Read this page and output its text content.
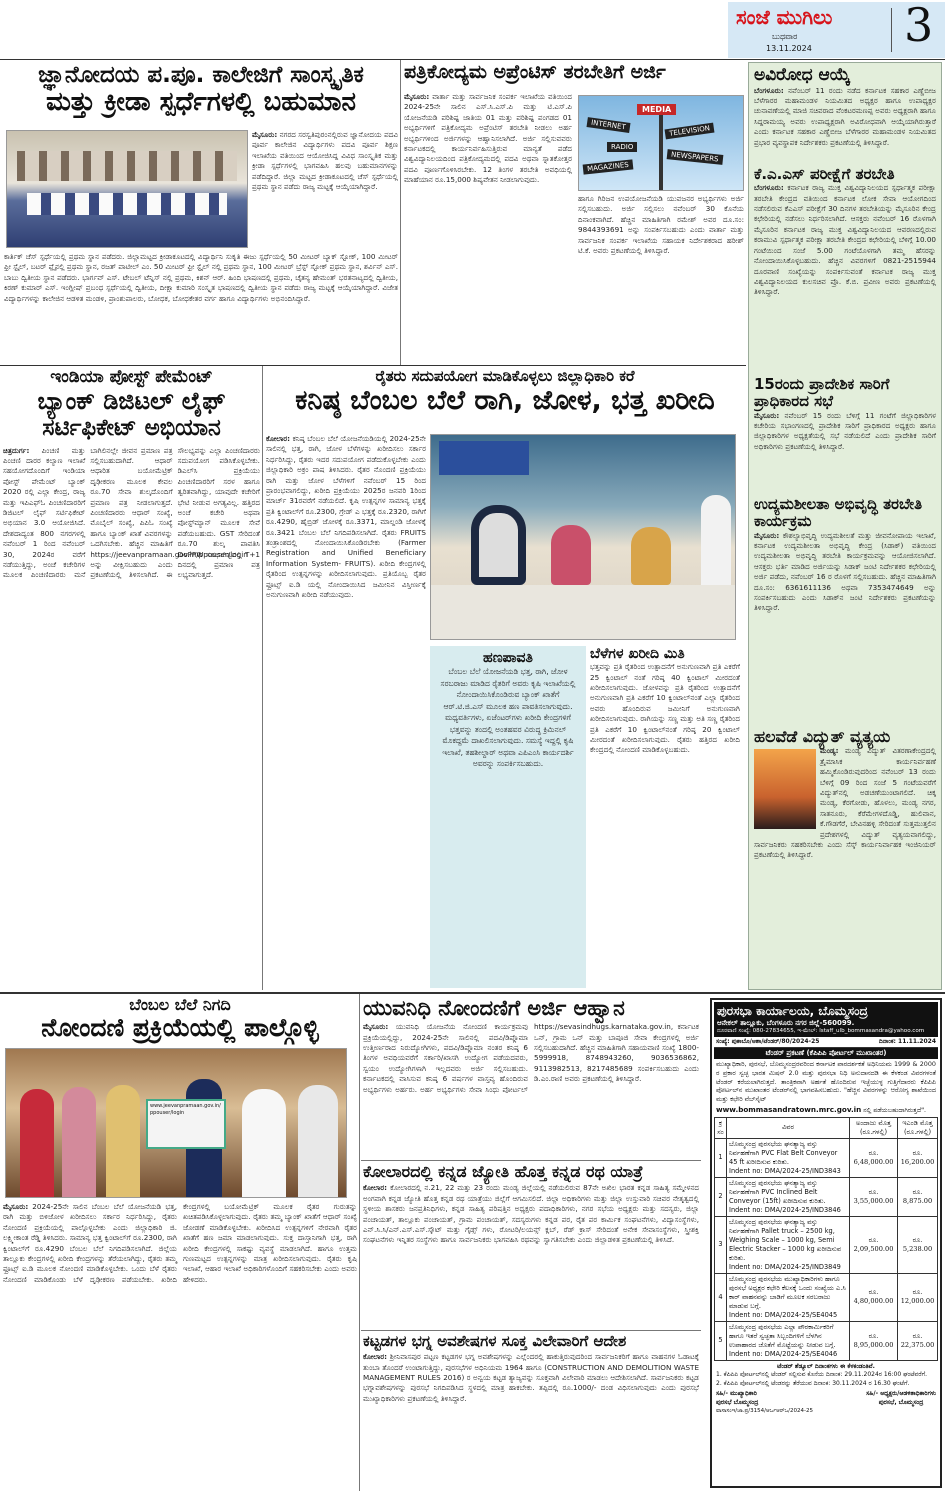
ಸಂಜೆ ಮುಗಿಲು
ಬುಧವಾರ
13.11.2024 3
ಜ್ಞಾನೋದಯ ಪ.ಪೂ. ಕಾಲೇಜಿಗೆ ಸಾಂಸ್ಕೃತಿಕ
ಮತ್ತು ಕ್ರೀಡಾ ಸ್ಪರ್ಧೆಗಳಲ್ಲಿ ಬಹುಮಾನ
ಮೈಸೂರು: ನಗರದ ಸರಸ್ವತಿಪುರಂನಲ್ಲಿರುವ ಜ್ಞಾನೋದಯ ಪದವಿ ಪೂರ್ವ ಕಾಲೇಜಿನ ವಿದ್ಯಾರ್ಥಿಗಳು ಪದವಿ ಪೂರ್ವ ಶಿಕ್ಷಣ ಇಲಾಖೆಯ ವತಿಯಿಂದ ಆಯೋಜಿಸಿದ್ದ ವಿವಿಧ ಸಾಂಸ್ಕೃತಿಕ ಮತ್ತು ಕ್ರೀಡಾ ಸ್ಪರ್ಧೆಗಳಲ್ಲಿ ಭಾಗವಹಿಸಿ ಹಲವು ಬಹುಮಾನಗಳನ್ನು ಪಡೆದಿದ್ದಾರೆ. ಜಿಲ್ಲಾ ಮಟ್ಟದ ಕ್ರೀಡಾಕೂಟದಲ್ಲಿ ಚೆಸ್ ಸ್ಪರ್ಧೆಯಲ್ಲಿ ಪ್ರಥಮ ಸ್ಥಾನ ಪಡೆದು ರಾಜ್ಯ ಮಟ್ಟಕ್ಕೆ ಆಯ್ಕೆಯಾಗಿದ್ದಾರೆ.
ಕಾರ್ತಿಕ್ ಚೆಸ್ ಸ್ಪರ್ಧೆಯಲ್ಲಿ ಪ್ರಥಮ ಸ್ಥಾನ ಪಡೆದರು. ಜಿಲ್ಲಾಮಟ್ಟದ ಕ್ರೀಡಾಕೂಟದಲ್ಲಿ ವಿದ್ಯಾರ್ಥಿನಿ ಸುಕೃತಿ ಈಜು ಸ್ಪರ್ಧೆಯಲ್ಲಿ 50 ಮೀಟರ್ ಬ್ಯಾಕ್ ಸ್ಟೋಕ್, 100 ಮೀಟರ್ ಫ್ರೀ ಸ್ಟೈಲ್, ಬಟರ್ ಫ್ಲೈನಲ್ಲಿ ಪ್ರಥಮ ಸ್ಥಾನ, ರಜತ್ ಪಾಟೀಲ್ ಎಂ. 50 ಮೀಟರ್ ಫ್ರೀ ಸ್ಟೈಲ್ ನಲ್ಲಿ ಪ್ರಥಮ ಸ್ಥಾನ, 100 ಮೀಟರ್ ಬ್ರೆಸ್ಟ್ ಸ್ಟೋಕ್ ಪ್ರಥಮ ಸ್ಥಾನ, ಶರ್ವಿನ್ ಎಸ್. ಬಾಬು ದ್ವಿತೀಯ ಸ್ಥಾನ ಪಡೆದರು. ಭಾರ್ಗವ್ ಎಸ್. ಟೇಬಲ್ ಟೆನ್ನಿಸ್ ನಲ್ಲಿ ಪ್ರಥಮ, ಕಿಶನ್ ಆರ್. ಹಿಂದಿ ಭಾಷಣದಲ್ಲಿ ಪ್ರಥಮ, ಚೈತನ್ಯ ಹೇಮಂತ್ ಭರತನಾಟ್ಯದಲ್ಲಿ ದ್ವಿತೀಯ, ಕಿರಣ್ ಕುಮಾರ್ ಎಸ್. ಇಂಗ್ಲೀಷ್ ಪ್ರಬಂಧ ಸ್ಪರ್ಧೆಯಲ್ಲಿ ದ್ವಿತೀಯ, ದೀಕ್ಷಾ ಕುಮಾರಿ ಸಂಸ್ಕೃತ ಭಾಷಣದಲ್ಲಿ ದ್ವಿತೀಯ ಸ್ಥಾನ ಪಡೆದು ರಾಜ್ಯ ಮಟ್ಟಕ್ಕೆ ಆಯ್ಕೆಯಾಗಿದ್ದಾರೆ. ವಿಜೇತ ವಿದ್ಯಾರ್ಥಿಗಳನ್ನು ಕಾಲೇಜಿನ ಆಡಳಿತ ಮಂಡಳಿ, ಪ್ರಾಂಶುಪಾಲರು, ಬೋಧಕ, ಬೋಧಕೇತರ ವರ್ಗ ಹಾಗೂ ವಿದ್ಯಾರ್ಥಿಗಳು ಅಭಿನಂದಿಸಿದ್ದಾರೆ.
ಪತ್ರಿಕೋದ್ಯಮ ಅಪ್ರೆಂಟಿಸ್ ತರಬೇತಿಗೆ ಅರ್ಜಿ
ಮೈಸೂರು: ವಾರ್ತಾ ಮತ್ತು ಸಾರ್ವಜನಿಕ ಸಂಪರ್ಕ ಇಲಾಖೆಯ ವತಿಯಿಂದ 2024-25ನೇ ಸಾಲಿನ ಎಸ್.ಸಿ.ಎಸ್.ಪಿ ಮತ್ತು ಟಿ.ಎಸ್.ಪಿ ಯೋಜನೆಯಡಿ ಪರಿಶಿಷ್ಟ ಜಾತಿಯ 01 ಮತ್ತು ಪರಿಶಿಷ್ಟ ಪಂಗಡದ 01 ಅಭ್ಯರ್ಥಿಗಳಿಗೆ ಪತ್ರಿಕೋದ್ಯಮ ಅಪ್ರೆಂಟಿಸ್ ತರಬೇತಿ ನೀಡಲು ಅರ್ಹ ಅಭ್ಯರ್ಥಿಗಳಿಂದ ಅರ್ಜಿಗಳನ್ನು ಆಹ್ವಾನಿಸಲಾಗಿದೆ. ಅರ್ಜಿ ಸಲ್ಲಿಸುವವರು ಕರ್ನಾಟಕದಲ್ಲಿ ಕಾರ್ಯನಿರ್ವಹಿಸುತ್ತಿರುವ ಮಾನ್ಯತೆ ಪಡೆದ ವಿಶ್ವವಿದ್ಯಾನಿಲಯದಿಂದ ಪತ್ರಿಕೋದ್ಯಮದಲ್ಲಿ ಪದವಿ ಅಥವಾ ಸ್ನಾತಕೋತ್ತರ ಪದವಿ ಪೂರ್ಣಗೊಳಿಸಿರಬೇಕು. 12 ತಿಂಗಳ ತರಬೇತಿ ಅವಧಿಯಲ್ಲಿ ಮಾಹೆಯಾನ ರೂ.15,000 ಶಿಷ್ಯವೇತನ ನೀಡಲಾಗುವುದು.
MEDIA
INTERNET	TELEVISION
RADIO
NEWSPAPERS
MAGAZINES
ಹಾಗೂ ಗಿರಿಜನ ಉಪಯೋಜನೆಯಡಿ ಯುವಜನರ ಅಭ್ಯರ್ಥಿಗಳು ಅರ್ಜಿ ಸಲ್ಲಿಸಬಹುದು. ಅರ್ಜಿ ಸಲ್ಲಿಸಲು ನವೆಂಬರ್ 30 ಕೊನೆಯ ದಿನಾಂಕವಾಗಿದೆ. ಹೆಚ್ಚಿನ ಮಾಹಿತಿಗಾಗಿ ರಮೇಶ್ ಅವರ ದೂ.ಸಂ: 9844393691 ಅನ್ನು ಸಂಪರ್ಕಿಸಬಹುದು ಎಂದು ವಾರ್ತಾ ಮತ್ತು ಸಾರ್ವಜನಿಕ ಸಂಪರ್ಕ ಇಲಾಖೆಯ ಸಹಾಯಕ ನಿರ್ದೇಶಕರಾದ ಹರೀಶ್ ಟಿ.ಕೆ. ಅವರು ಪ್ರಕಟಣೆಯಲ್ಲಿ ತಿಳಿಸಿದ್ದಾರೆ.
ಅವಿರೋಧ ಆಯ್ಕೆ
ಬೆಂಗಳೂರು: ನವೆಂಬರ್ 11 ರಂದು ನಡೆದ ಕರ್ನಾಟಕ ಸಹಕಾರ ಎಣ್ಣೆಬೀಜ ಬೆಳೆಗಾರರ ಮಹಾಮಂಡಳ ನಿಯಮಿತದ ಅಧ್ಯಕ್ಷರ ಹಾಗೂ ಉಪಾಧ್ಯಕ್ಷರ ಚುನಾವಣೆಯಲ್ಲಿ ಮಾಜಿ ಸಚಿವರಾದ ವೆಂಕಟರಮಣಪ್ಪ ಅವರು ಅಧ್ಯಕ್ಷರಾಗಿ ಹಾಗೂ ಸಿದ್ದರಾಮಯ್ಯ ಅವರು ಉಪಾಧ್ಯಕ್ಷರಾಗಿ ಅವಿರೋಧವಾಗಿ ಆಯ್ಕೆಯಾಗಿರುತ್ತಾರೆ ಎಂದು ಕರ್ನಾಟಕ ಸಹಕಾರ ಎಣ್ಣೆಬೀಜ ಬೆಳೆಗಾರರ ಮಹಾಮಂಡಳ ನಿಯಮಿತದ ಪ್ರಭಾರ ವ್ಯವಸ್ಥಾಪಕ ನಿರ್ದೇಶಕರು ಪ್ರಕಟಣೆಯಲ್ಲಿ ತಿಳಿಸಿದ್ದಾರೆ.
ಕೆ.ಎ.ಎಸ್ ಪರೀಕ್ಷೆಗೆ ತರಬೇತಿ
ಬೆಂಗಳೂರು: ಕರ್ನಾಟಕ ರಾಜ್ಯ ಮುಕ್ತ ವಿಶ್ವವಿದ್ಯಾನಿಲಯದ ಸ್ಪರ್ಧಾತ್ಮಕ ಪರೀಕ್ಷಾ ತರಬೇತಿ ಕೇಂದ್ರದ ವತಿಯಿಂದ ಕರ್ನಾಟಕ ಲೋಕ ಸೇವಾ ಆಯೋಗದಿಂದ ನಡೆಸಲಿರುವ ಕೆಎಎಸ್ ಪರೀಕ್ಷೆಗೆ 30 ದಿನಗಳ ತರಬೇತಿಯನ್ನು ಮೈಸೂರಿನ ಕೇಂದ್ರ ಕಛೇರಿಯಲ್ಲಿ ನಡೆಸಲು ನಿರ್ಧರಿಸಲಾಗಿದೆ. ಆಸಕ್ತರು ನವೆಂಬರ್ 16 ರೊಳಗಾಗಿ ಮೈಸೂರಿನ ಕರ್ನಾಟಕ ರಾಜ್ಯ ಮುಕ್ತ ವಿಶ್ವವಿದ್ಯಾನಿಲಯದ ಆವರಣದಲ್ಲಿರುವ ಕರಾಮುವಿ ಸ್ಪರ್ಧಾತ್ಮಕ ಪರೀಕ್ಷಾ ತರಬೇತಿ ಕೇಂದ್ರದ ಕಛೇರಿಯಲ್ಲಿ ಬೆಳಿಗ್ಗೆ 10.00 ಗಂಟೆಯಿಂದ ಸಂಜೆ 5.00 ಗಂಟೆಯೊಳಗಾಗಿ ತಮ್ಮ ಹೆಸರನ್ನು ನೋಂದಾಯಿಸಿಕೊಳ್ಳಬಹುದು. ಹೆಚ್ಚಿನ ವಿವರಗಳಿಗೆ 0821-2515944 ದೂರವಾಣಿ ಸಂಖ್ಯೆಯನ್ನು ಸಂಪರ್ಕಿಸುವಂತೆ ಕರ್ನಾಟಕ ರಾಜ್ಯ ಮುಕ್ತ ವಿಶ್ವವಿದ್ಯಾನಿಲಯದ ಕುಲಸಚಿವ ಪ್ರೊ. ಕೆ.ಬಿ. ಪ್ರವೀಣ ಅವರು ಪ್ರಕಟಣೆಯಲ್ಲಿ ತಿಳಿಸಿದ್ದಾರೆ.
15ರಂದು ಪ್ರಾದೇಶಿಕ ಸಾರಿಗೆ ಪ್ರಾಧಿಕಾರದ ಸಭೆ
ಮೈಸೂರು: ನವೆಂಬರ್ 15 ರಂದು ಬೆಳಿಗ್ಗೆ 11 ಗಂಟೆಗೆ ಜಿಲ್ಲಾಧಿಕಾರಿಗಳ ಕಚೇರಿಯ ಸಭಾಂಗಣದಲ್ಲಿ ಪ್ರಾದೇಶಿಕ ಸಾರಿಗೆ ಪ್ರಾಧಿಕಾರದ ಅಧ್ಯಕ್ಷರು ಹಾಗೂ ಜಿಲ್ಲಾಧಿಕಾರಿಗಳ ಅಧ್ಯಕ್ಷತೆಯಲ್ಲಿ ಸಭೆ ನಡೆಯಲಿದೆ ಎಂದು ಪ್ರಾದೇಶಿಕ ಸಾರಿಗೆ ಅಧಿಕಾರಿಗಳು ಪ್ರಕಟಣೆಯಲ್ಲಿ ತಿಳಿಸಿದ್ದಾರೆ.
ಉದ್ಯಮಶೀಲತಾ ಅಭಿವೃದ್ಧಿ ತರಬೇತಿ ಕಾರ್ಯಕ್ರಮ
ಮೈಸೂರು: ಕೌಶಲ್ಯಾಭಿವೃದ್ಧಿ ಉದ್ಯಮಶೀಲತೆ ಮತ್ತು ಜೀವನೋಪಾಯ ಇಲಾಖೆ, ಕರ್ನಾಟಕ ಉದ್ಯಮಶೀಲತಾ ಅಭಿವೃದ್ಧಿ ಕೇಂದ್ರ (ಸಿಡಾಕ್) ವತಿಯಿಂದ ಉದ್ಯಮಶೀಲತಾ ಅಭಿವೃದ್ಧಿ ತರಬೇತಿ ಕಾರ್ಯಕ್ರಮವನ್ನು ಆಯೋಜಿಸಲಾಗಿದೆ. ಆಸಕ್ತರು ಭರ್ತಿ ಮಾಡಿದ ಅರ್ಜಿಯನ್ನು ಸಿಡಾಕ್ ಜಂಟಿ ನಿರ್ದೇಶಕರ ಕಛೇರಿಯಲ್ಲಿ ಅರ್ಜಿ ಪಡೆದು, ನವೆಂಬರ್ 16 ರ ರೊಳಗೆ ಸಲ್ಲಿಸಬಹುದು. ಹೆಚ್ಚಿನ ಮಾಹಿತಿಗಾಗಿ ದೂ.ಸಂ: 6361611136 ಅಥವಾ 7353474649 ಅನ್ನು ಸಂಪರ್ಕಿಸಬಹುದು ಎಂದು ಸಿಡಾಕ್‌ನ ಜಂಟಿ ನಿರ್ದೇಶಕರು ಪ್ರಕಟಣೆಯನ್ನು ತಿಳಿಸಿದ್ದಾರೆ.
ಹಲವೆಡೆ ವಿದ್ಯುತ್ ವ್ಯತ್ಯಯ
ಮಂಡ್ಯ: ಮಂಡ್ಯ ವಿದ್ಯುತ್ ವಿತರಣಾಕೇಂದ್ರದಲ್ಲಿ ತ್ರೈಮಾಸಿಕ ಕಾರ್ಯನಿರ್ವಹಣೆ ಹಮ್ಮಿಕೊಂಡಿರುವುದರಿಂದ ನವೆಂಬರ್ 13 ರಂದು ಬೆಳಿಗ್ಗೆ 09 ರಿಂದ ಸಂಜೆ 5 ಗಂಟೆಯವರೆಗೆ ವಿದ್ಯುತ್‌ನಲ್ಲಿ ಅಡಚಣೆಯುಂಟಾಗಲಿದೆ. ಚಿಕ್ಕ ಮಂಡ್ಯ, ಕೆರಗೋಡು, ಹೊಳಲು, ಮಂಡ್ಯ ನಗರ, ಸಾತನೂರು, ಕೆರೆಮೇಗಳದೊಡ್ಡಿ, ಹುಲಿವಾನ, ಕೆ.ಗೌಡಗೆರೆ, ಬೇವಿನಹಳ್ಳಿ ಸೇರಿದಂತೆ ಸುತ್ತಮುತ್ತಲಿನ ಪ್ರದೇಶಗಳಲ್ಲಿ ವಿದ್ಯುತ್ ವ್ಯತ್ಯಯವಾಗಲಿದ್ದು, ಸಾರ್ವಜನಿಕರು ಸಹಕರಿಸಬೇಕು ಎಂದು ಸೆಸ್ಕ್ ಕಾರ್ಯನಿರ್ವಾಹಕ ಇಂಜಿನಿಯರ್ ಪ್ರಕಟಣೆಯಲ್ಲಿ ತಿಳಿಸಿದ್ದಾರೆ.
ಇಂಡಿಯಾ ಪೋಸ್ಟ್ ಪೇಮೆಂಟ್
ಬ್ಯಾಂಕ್ ಡಿಜಿಟಲ್ ಲೈಫ್
ಸರ್ಟಿಫಿಕೇಟ್ ಅಭಿಯಾನ
ಚಿತ್ರದುರ್ಗ: ಪಿಂಚಣಿ ಮತ್ತು ಪಿಂಚಣಿ ದಾರರ ಕಲ್ಯಾಣ ಇಲಾಖೆ ಸಹಯೋಗದೊಂದಿಗೆ ಇಂಡಿಯಾ ಪೋಸ್ಟ್ ಪೇಮೆಂಟ್ ಬ್ಯಾಂಕ್ 2020 ರಲ್ಲಿ ಎಲ್ಲಾ ಕೇಂದ್ರ, ರಾಜ್ಯ ಮತ್ತು ಇಪಿಎಫ್ಓ ಪಿಂಚಣಿದಾರರಿಗೆ ಡಿಜಿಟಲ್ ಲೈಫ್ ಸರ್ಟಿಫಿಕೇಟ್ ಅಭಿಯಾನ 3.0 ಆಯೋಜಿಸಿದೆ. ದೇಶದಾದ್ಯಂತ 800 ನಗರಗಳಲ್ಲಿ ನವೆಂಬರ್ 1 ರಿಂದ ನವೆಂಬರ್ 30, 2024ರ ವರೆಗೆ ನಡೆಯುತ್ತಿದ್ದು, ಅಂಚೆ ಕಚೇರಿಗಳ ಮೂಲಕ ಪಿಂಚಣಿದಾರರು ಮನೆ ಬಾಗಿಲಿನಲ್ಲೇ ಜೀವನ ಪ್ರಮಾಣ ಪತ್ರ ಸಲ್ಲಿಸಬಹುದಾಗಿದೆ. ಆಧಾರ್ ಆಧಾರಿತ ಬಯೋಮೆಟ್ರಿಕ್ ದೃಢೀಕರಣ ಮೂಲಕ ಕೇವಲ ರೂ.70 ಸೇವಾ ಶುಲ್ಕದೊಂದಿಗೆ ಪ್ರಮಾಣ ಪತ್ರ ನೀಡಲಾಗುತ್ತದೆ. ಪಿಂಚಣಿದಾರರು ಆಧಾರ್ ಸಂಖ್ಯೆ, ಮೊಬೈಲ್ ಸಂಖ್ಯೆ, ಪಿಪಿಓ ಸಂಖ್ಯೆ ಹಾಗೂ ಬ್ಯಾಂಕ್ ಖಾತೆ ವಿವರಗಳನ್ನು ಒದಗಿಸಬೇಕು. ಹೆಚ್ಚಿನ ಮಾಹಿತಿಗೆ https://jeevanpramaan.gov.in/ppouser/login ಅನ್ನು ವೀಕ್ಷಿಸಬಹುದು ಎಂದು ಪ್ರಕಟಣೆಯಲ್ಲಿ ತಿಳಿಸಲಾಗಿದೆ. ಈ ಸೌಲಭ್ಯವನ್ನು ಎಲ್ಲಾ ಪಿಂಚಣಿದಾರರು ಸದುಪಯೋಗ ಪಡಿಸಿಕೊಳ್ಳಬೇಕು. ಡಿಎಲ್‌ಸಿ ಪ್ರಕ್ರಿಯೆಯು ಪಿಂಚಣಿದಾರರಿಗೆ ಸರಳ ಹಾಗೂ ತ್ವರಿತವಾಗಿದ್ದು, ಯಾವುದೇ ಕಚೇರಿಗೆ ಭೇಟಿ ನೀಡುವ ಅಗತ್ಯವಿಲ್ಲ. ಹತ್ತಿರದ ಅಂಚೆ ಕಚೇರಿ ಅಥವಾ ಪೋಸ್ಟ್‌ಮ್ಯಾನ್ ಮೂಲಕ ಸೇವೆ ಪಡೆಯಬಹುದು. GST ಸೇರಿದಂತೆ ರೂ.70 ಶುಲ್ಕ ಪಾವತಿಸಿ DoPPW ಸಹಭಾಗಿತ್ವದಲ್ಲಿ T+1 ದಿನದಲ್ಲಿ ಪ್ರಮಾಣ ಪತ್ರ ಲಭ್ಯವಾಗುತ್ತದೆ.
ರೈತರು ಸದುಪಯೋಗ ಮಾಡಿಕೊಳ್ಳಲು ಜಿಲ್ಲಾಧಿಕಾರಿ ಕರೆ
ಕನಿಷ್ಠ ಬೆಂಬಲ ಬೆಲೆ ರಾಗಿ, ಜೋಳ, ಭತ್ತ ಖರೀದಿ
ಕೋಲಾರ: ಕನಿಷ್ಠ ಬೆಂಬಲ ಬೆಲೆ ಯೋಜನೆಯಡಿಯಲ್ಲಿ 2024-25ನೇ ಸಾಲಿನಲ್ಲಿ ಭತ್ತ, ರಾಗಿ, ಜೋಳ ಬೆಳೆಗಳನ್ನು ಖರೀದಿಸಲು ಸರ್ಕಾರ ನಿರ್ಧರಿಸಿದ್ದು, ರೈತರು ಇದರ ಸದುಪಯೋಗ ಪಡೆದುಕೊಳ್ಳಬೇಕು ಎಂದು ಜಿಲ್ಲಾಧಿಕಾರಿ ಅಕ್ರಂ ಪಾಷ ತಿಳಿಸಿದರು. ರೈತರ ನೊಂದಣಿ ಪ್ರಕ್ರಿಯೆಯು ರಾಗಿ ಮತ್ತು ಜೋಳ ಬೆಳೆಗಳಿಗೆ ನವೆಂಬರ್ 15 ರಿಂದ ಪ್ರಾರಂಭವಾಗಲಿದ್ದು, ಖರೀದಿ ಪ್ರಕ್ರಿಯೆಯು 2025ರ ಜನವರಿ 1ರಿಂದ ಮಾರ್ಚ್ 31ರವರೆಗೆ ನಡೆಯಲಿದೆ. ಕೃಷಿ ಉತ್ಪನ್ನಗಳ ಸಾಮಾನ್ಯ ಭತ್ತಕ್ಕೆ ಪ್ರತಿ ಕ್ವಿಂಟಾಲ್‌ಗೆ ರೂ.2300, ಗ್ರೇಡ್ ಎ ಭತ್ತಕ್ಕೆ ರೂ.2320, ರಾಗಿಗೆ ರೂ.4290, ಹೈಬ್ರಿಡ್ ಜೋಳಕ್ಕೆ ರೂ.3371, ಮಾಲ್ದಂಡಿ ಜೋಳಕ್ಕೆ ರೂ.3421 ಬೆಂಬಲ ಬೆಲೆ ನಿಗದಿಪಡಿಸಲಾಗಿದೆ. ರೈತರು FRUITS ತಂತ್ರಾಂಶದಲ್ಲಿ ನೋಂದಾಯಿಸಿಕೊಂಡಿರಬೇಕು (Farmer Registration and Unified Beneficiary Information System- FRUITS). ಖರೀದಿ ಕೇಂದ್ರಗಳಲ್ಲಿ ರೈತರಿಂದ ಉತ್ಪನ್ನಗಳನ್ನು ಖರೀದಿಸಲಾಗುವುದು. ಪ್ರತಿಯೊಬ್ಬ ರೈತರ ಫ್ರೂಟ್ಸ್ ಐ.ಡಿ ಯಲ್ಲಿ ನೋಂದಾಯಿಸಿದ ಜಮೀನಿನ ವಿಸ್ತೀರ್ಣಕ್ಕೆ ಅನುಗುಣವಾಗಿ ಖರೀದಿ ನಡೆಯುವುದು.
ಹಣಪಾವತಿ
ಬೆಂಬಲ ಬೆಲೆ ಯೋಜನೆಯಡಿ ಭತ್ತ, ರಾಗಿ, ಜೋಳ ಸರಬರಾಜು ಮಾಡಿದ ರೈತರಿಗೆ ಅವರು ಕೃಷಿ ಇಲಾಖೆಯಲ್ಲಿ ನೋಂದಾಯಿಸಿಕೊಂಡಿರುವ ಬ್ಯಾಂಕ್ ಖಾತೆಗೆ ಆರ್.ಟಿ.ಜಿ.ಎಸ್ ಮೂಲಕ ಹಣ ಪಾವತಿಸಲಾಗುವುದು. ಮಧ್ಯವರ್ತಿಗಳು, ಏಜೆಂಟರ್‌ಗಳು ಖರೀದಿ ಕೇಂದ್ರಗಳಿಗೆ ಭತ್ತವನ್ನು ತಂದಲ್ಲಿ ಅಂತಹವರ ವಿರುದ್ಧ ಕ್ರಿಮಿನಲ್ ಮೊಕದ್ದಮೆ ದಾಖಲಿಸಲಾಗುವುದು. ಸಮಸ್ಯೆ ಇದ್ದಲ್ಲಿ ಕೃಷಿ ಇಲಾಖೆ, ತಹಶೀಲ್ದಾರ್ ಅಥವಾ ಎಪಿಎಂಸಿ ಕಾರ್ಯದರ್ಶಿ ಅವರನ್ನು ಸಂಪರ್ಕಿಸಬಹುದು.
ಬೆಳೆಗಳ ಖರೀದಿ ಮಿತಿ
ಭತ್ತವನ್ನು ಪ್ರತಿ ರೈತರಿಂದ ಉತ್ಪಾದನೆಗೆ ಅನುಗುಣವಾಗಿ ಪ್ರತಿ ಎಕರೆಗೆ 25 ಕ್ವಿಂಟಾಲ್ ನಂತೆ ಗರಿಷ್ಠ 40 ಕ್ವಿಂಟಾಲ್ ಮೀರದಂತೆ ಖರೀದಿಸಲಾಗುವುದು. ಜೋಳವನ್ನು ಪ್ರತಿ ರೈತರಿಂದ ಉತ್ಪಾದನೆಗೆ ಅನುಗುಣವಾಗಿ ಪ್ರತಿ ಎಕರೆಗೆ 10 ಕ್ವಿಂಟಾಲ್‌ನಂತೆ ಎಲ್ಲಾ ರೈತರಿಂದ ಅವರು ಹೊಂದಿರುವ ಜಮೀನಿಗೆ ಅನುಗುಣವಾಗಿ ಖರೀದಿಸಲಾಗುವುದು. ರಾಗಿಯನ್ನು ಸಣ್ಣ ಮತ್ತು ಅತಿ ಸಣ್ಣ ರೈತರಿಂದ ಪ್ರತಿ ಎಕರೆಗೆ 10 ಕ್ವಿಂಟಾಲ್‌ನಂತೆ ಗರಿಷ್ಠ 20 ಕ್ವಿಂಟಾಲ್ ಮೀರದಂತೆ ಖರೀದಿಸಲಾಗುವುದು. ರೈತರು ಹತ್ತಿರದ ಖರೀದಿ ಕೇಂದ್ರದಲ್ಲಿ ನೋಂದಣಿ ಮಾಡಿಕೊಳ್ಳಬಹುದು.
ಬೆಂಬಲ ಬೆಲೆ ನಿಗದಿ
ನೋಂದಣಿ ಪ್ರಕ್ರಿಯೆಯಲ್ಲಿ ಪಾಲ್ಗೊಳ್ಳಿ
www.jeevanpramaan.gov.in/ppouser/login
ಮೈಸೂರು: 2024-25ನೇ ಸಾಲಿನ ಬೆಂಬಲ ಬೆಲೆ ಯೋಜನೆಯಡಿ ಭತ್ತ, ರಾಗಿ ಮತ್ತು ಬಿಳಿಜೋಳ ಖರೀದಿಸಲು ಸರ್ಕಾರ ನಿರ್ಧರಿಸಿದ್ದು, ರೈತರು ನೋಂದಣಿ ಪ್ರಕ್ರಿಯೆಯಲ್ಲಿ ಪಾಲ್ಗೊಳ್ಳಬೇಕು ಎಂದು ಜಿಲ್ಲಾಧಿಕಾರಿ ಜಿ. ಲಕ್ಷ್ಮೀಕಾಂತ ರೆಡ್ಡಿ ತಿಳಿಸಿದರು. ಸಾಮಾನ್ಯ ಭತ್ತ ಕ್ವಿಂಟಾಲ್‌ಗೆ ರೂ.2300, ರಾಗಿ ಕ್ವಿಂಟಾಲ್‌ಗೆ ರೂ.4290 ಬೆಂಬಲ ಬೆಲೆ ನಿಗದಿಪಡಿಸಲಾಗಿದೆ. ಜಿಲ್ಲೆಯ ತಾಲ್ಲೂಕು ಕೇಂದ್ರಗಳಲ್ಲಿ ಖರೀದಿ ಕೇಂದ್ರಗಳನ್ನು ತೆರೆಯಲಾಗಿದ್ದು, ರೈತರು ತಮ್ಮ ಫ್ರೂಟ್ಸ್ ಐ.ಡಿ ಮೂಲಕ ನೋಂದಣಿ ಮಾಡಿಕೊಳ್ಳಬೇಕು. ಒಂದು ಬೆಳೆ ರೈತರು ನೋಂದಣಿ ಮಾಡಿಕೊಂಡು ಬೆಳೆ ದೃಢೀಕರಣ ಪಡೆಯಬೇಕು. ಖರೀದಿ ಕೇಂದ್ರಗಳಲ್ಲಿ ಬಯೋಮೆಟ್ರಿಕ್ ಮೂಲಕ ರೈತರ ಗುರುತನ್ನು ಖಚಿತಪಡಿಸಿಕೊಳ್ಳಲಾಗುವುದು. ರೈತರು ತಮ್ಮ ಬ್ಯಾಂಕ್ ಖಾತೆಗೆ ಆಧಾರ್ ಸಂಖ್ಯೆ ಜೋಡಣೆ ಮಾಡಿಕೊಳ್ಳಬೇಕು. ಖರೀದಿಸಿದ ಉತ್ಪನ್ನಗಳಿಗೆ ನೇರವಾಗಿ ರೈತರ ಖಾತೆಗೆ ಹಣ ಜಮಾ ಮಾಡಲಾಗುವುದು. ಸುಕ್ತ ದಾಸ್ತಾನಿಗಾಗಿ ಭತ್ತ, ರಾಗಿ ಖರೀದಿ ಕೇಂದ್ರಗಳಲ್ಲಿ ಸಾಕಷ್ಟು ವ್ಯವಸ್ಥೆ ಮಾಡಲಾಗಿದೆ. ಹಾಗೂ ಉತ್ತಮ ಗುಣಮಟ್ಟದ ಉತ್ಪನ್ನಗಳನ್ನು ಮಾತ್ರ ಖರೀದಿಸಲಾಗುವುದು. ರೈತರು ಕೃಷಿ ಇಲಾಖೆ, ಆಹಾರ ಇಲಾಖೆ ಅಧಿಕಾರಿಗಳೊಂದಿಗೆ ಸಹಕರಿಸಬೇಕು ಎಂದು ಅವರು ಹೇಳಿದರು.
ಯುವನಿಧಿ ನೋಂದಣಿಗೆ ಅರ್ಜಿ ಆಹ್ವಾನ
ಮೈಸೂರು: ಯುವನಿಧಿ ಯೋಜನೆಯ ನೋಂದಣಿ ಕಾರ್ಯಕ್ರಮವು ಪ್ರಕ್ರಿಯೆಯಲ್ಲಿದ್ದು, 2024-25ನೇ ಸಾಲಿನಲ್ಲಿ ಪದವಿ/ಡಿಪ್ಲೊಮಾ ಉತ್ತೀರ್ಣರಾದ ನಿರುದ್ಯೋಗಿಗಳು, ಪದವಿ/ಡಿಪ್ಲೊಮಾ ನಂತರ ಕನಿಷ್ಠ 6 ತಿಂಗಳ ಅವಧಿಯವರೆಗೆ ಸರ್ಕಾರಿ/ಖಾಸಗಿ ಉದ್ಯೋಗ ಪಡೆಯದವರು, ಸ್ವಯಂ ಉದ್ಯೋಗಿಗಳಾಗಿ ಇಲ್ಲದವರು ಅರ್ಜಿ ಸಲ್ಲಿಸಬಹುದು. ಕರ್ನಾಟಕದಲ್ಲಿ ವಾಸಿಸುವ ಕನಿಷ್ಠ 6 ವರ್ಷಗಳ ವಾಸ್ತವ್ಯ ಹೊಂದಿರುವ ಅಭ್ಯರ್ಥಿಗಳು ಅರ್ಹರು. ಅರ್ಹ ಅಭ್ಯರ್ಥಿಗಳು ಸೇವಾ ಸಿಂಧು ಪೋರ್ಟಲ್ https://sevasindhugs.karnataka.gov.in, ಕರ್ನಾಟಕ ಒನ್, ಗ್ರಾಮ ಒನ್ ಮತ್ತು ಬಾಪೂಜಿ ಸೇವಾ ಕೇಂದ್ರಗಳಲ್ಲಿ ಅರ್ಜಿ ಸಲ್ಲಿಸಬಹುದಾಗಿದೆ. ಹೆಚ್ಚಿನ ಮಾಹಿತಿಗಾಗಿ ಸಹಾಯವಾಣಿ ಸಂಖ್ಯೆ 1800-5999918, 8748943260, 9036536862, 9113982513, 8217485689 ಸಂಪರ್ಕಿಸಬಹುದು ಎಂದು ಡಿ.ಎಂ.ರಾಣಿ ಅವರು ಪ್ರಕಟಣೆಯಲ್ಲಿ ತಿಳಿಸಿದ್ದಾರೆ.
ಕೋಲಾರದಲ್ಲಿ ಕನ್ನಡ ಜ್ಯೋತಿ ಹೊತ್ತ ಕನ್ನಡ ರಥ ಯಾತ್ರೆ
ಕೋಲಾರ: ಕೋಲಾರದಲ್ಲಿ ನ.21, 22 ಮತ್ತು 23 ರಂದು ಮಂಡ್ಯ ಜಿಲ್ಲೆಯಲ್ಲಿ ನಡೆಯಲಿರುವ 87ನೇ ಅಖಿಲ ಭಾರತ ಕನ್ನಡ ಸಾಹಿತ್ಯ ಸಮ್ಮೇಳನದ ಅಂಗವಾಗಿ ಕನ್ನಡ ಜ್ಯೋತಿ ಹೊತ್ತ ಕನ್ನಡ ರಥ ಯಾತ್ರೆಯು ಜಿಲ್ಲೆಗೆ ಆಗಮಿಸಲಿದೆ. ಜಿಲ್ಲಾ ಅಧಿಕಾರಿಗಳು ಮತ್ತು ಜಿಲ್ಲಾ ಉಸ್ತುವಾರಿ ಸಚಿವರ ನೇತೃತ್ವದಲ್ಲಿ ಸ್ಥಳೀಯ ಶಾಸಕರು ಜನಪ್ರತಿನಿಧಿಗಳು, ಕನ್ನಡ ಸಾಹಿತ್ಯ ಪರಿಷತ್ತಿನ ಅಧ್ಯಕ್ಷರು ಪದಾಧಿಕಾರಿಗಳು, ನಗರ ಸಭೆಯ ಅಧ್ಯಕ್ಷರು ಮತ್ತು ಸದಸ್ಯರು, ಜಿಲ್ಲಾ ಪಂಚಾಯತ್, ತಾಲ್ಲೂಕು ಪಂಚಾಯತ್, ಗ್ರಾಮ ಪಂಚಾಯತ್, ಸದಸ್ಯರುಗಳು ಕನ್ನಡ ಪರ, ರೈತ ಪರ ಕಾರ್ಮಿಕ ಸಂಘಟನೆಗಳು, ವಿದ್ಯಾಸಂಸ್ಥೆಗಳು, ಎನ್.ಸಿ.ಸಿ/ಎನ್.ಎಸ್.ಎಸ್.ಸ್ಕೌಟ್ ಮತ್ತು ಗೈಡ್ಸ್ ಗಳು, ರೋಟರಿ/ಲಯನ್ಸ್ ಕ್ಲಬ್, ರೆಡ್ ಕ್ರಾಸ್ ಸೇರಿದಂತೆ ಅನೇಕ ಸೇವಾಸಂಸ್ಥೆಗಳು, ಸ್ತ್ರೀಶಕ್ತಿ ಸಂಘಟನೆಗಳು ಇನ್ನಿತರ ಸಂಸ್ಥೆಗಳು ಹಾಗೂ ಸಾರ್ವಜನಿಕರು ಭಾಗವಹಿಸಿ ರಥವನ್ನು ಸ್ವಾಗತಿಸಬೇಕು ಎಂದು ಜಿಲ್ಲಾಡಳಿತ ಪ್ರಕಟಣೆಯಲ್ಲಿ ತಿಳಿಸಿದೆ.
ಕಟ್ಟಡಗಳ ಭಗ್ನ ಅವಶೇಷಗಳ ಸೂಕ್ತ ವಿಲೇವಾರಿಗೆ ಆದೇಶ
ಕೋಲಾರ: ಶ್ರೀನಿವಾಸಪುರ ಪಟ್ಟಣ ಕಟ್ಟಡಗಳ ಭಗ್ನ ಅವಶೇಷಗಳನ್ನು ಎಲ್ಲೆಂದರಲ್ಲಿ ಹಾಕುತ್ತಿರುವುದರಿಂದ ಸಾರ್ವಜನಿಕರಿಗೆ ಹಾಗೂ ವಾಹನಗಳ ಓಡಾಟಕ್ಕೆ ತುಂಬಾ ತೊಂದರೆ ಉಂಟಾಗುತ್ತಿದ್ದು, ಪುರಸಭೆಗಳ ಅಧಿನಿಯಮ 1964 ಹಾಗೂ (CONSTRUCTION AND DEMOLITION WASTE MANAGEMENT RULES 2016) ರ ಅನ್ವಯ ಕಟ್ಟಡ ತ್ಯಾಜ್ಯವನ್ನು ಸೂಕ್ತವಾಗಿ ವಿಲೇವಾರಿ ಮಾಡಲು ಆದೇಶಿಸಲಾಗಿದೆ. ಸಾರ್ವಜನಿಕರು ಕಟ್ಟಡ ಭಗ್ನಾವಶೇಷಗಳನ್ನು ಪುರಸಭೆ ನಿಗದಿಪಡಿಸಿದ ಸ್ಥಳದಲ್ಲಿ ಮಾತ್ರ ಹಾಕಬೇಕು. ತಪ್ಪಿದಲ್ಲಿ ರೂ.1000/- ದಂಡ ವಿಧಿಸಲಾಗುವುದು ಎಂದು ಪುರಸಭೆ ಮುಖ್ಯಾಧಿಕಾರಿಗಳು ಪ್ರಕಟಣೆಯಲ್ಲಿ ತಿಳಿಸಿದ್ದಾರೆ.
ಪುರಸಭಾ ಕಾರ್ಯಾಲಯ, ಬೊಮ್ಮಸಂದ್ರ
ಆನೇಕಲ್ ತಾಲ್ಲೂಕು, ಬೆಂಗಳೂರು ನಗರ ಜಿಲ್ಲೆ-560099.
ದೂರವಾಣಿ ಸಂಖ್ಯೆ: 080-27834655, ಇ-ಮೇಲ್: lstaff_ulb_bommasandra@yahoo.com
ಸಂಖ್ಯೆ: ಪುಕಾಬೊ/ಆಶಾ/ಟೆಂಡರ್/80/2024-25	ದಿನಾಂಕ: 11.11.2024
ಟೆಂಡರ್ ಪ್ರಕಟಣೆ (ಕೆಪಿಪಿಪಿ ಪೋರ್ಟಲ್ ಮುಖಾಂತರ)
ಮುಖ್ಯಾಧಿಕಾರಿ, ಪುರಸಭೆ, ಬೊಮ್ಮಸಂದ್ರರವರಿಂದ ಕರ್ನಾಟಕ ಪಾರದರ್ಶಕತೆ ಅಧಿನಿಯಮ 1999 & 2000 ರ ಪ್ರಕಾರ ಸ್ವಚ್ಛ ಭಾರತ ಮಿಷನ್ 2.0 ಮತ್ತು ಪುರಸಭಾ ನಿಧಿ ಅನುದಾನದಡಿ ಈ ಕೆಳಕಂಡ ವಿವರಗಳಂತೆ ಟೆಂಡರ್ ಕರೆಯಲಾಗಿರುತ್ತದೆ. ತಾಂತ್ರಿಕವಾಗಿ ಅರ್ಹತೆ ಹೊಂದಿರುವ ಇಚ್ಛೆಯುಳ್ಳ ಗುತ್ತಿಗೆದಾರರು ಕೆಪಿಪಿಪಿ ಪೋರ್ಟಲ್‌ನ ಮುಖಾಂತರ ಟೆಂಡರ್‌ನಲ್ಲಿ ಭಾಗವಹಿಸಬಹುದು. "ಹೆಚ್ಚಿನ ವಿವರಗಳನ್ನು ಆರೋಗ್ಯ ಶಾಖೆಯಿಂದ ಮತ್ತು ಕಛೇರಿ ವೆಬ್‌ಸೈಟ್
www.bommasandratown.mrc.gov.in ನಲ್ಲಿ ಪಡೆಯಬಹುದಾಗಿರುತ್ತದೆ".
ಕ್ರ ಸಂ	ವಿವರ	ಅಂದಾಜು ಮೊತ್ತ (ರೂ.ಗಳಲ್ಲಿ)	ಇಎಂಡಿ ಮೊತ್ತ (ರೂ.ಗಳಲ್ಲಿ)
1	ಬೊಮ್ಮಸಂದ್ರ ಪುರಸಭೆಯ ಘನತ್ಯಾಜ್ಯ ವಸ್ತು ನಿರ್ವಹಣೆಗಾಗಿ PVC Flat Belt Conveyor 45 ft ಖರೀದಿಸುವ ಕುರಿತು.
Indent no: DMA/2024-25/IND3843	ರೂ. 6,48,000.00	ರೂ. 16,200.00
2	ಬೊಮ್ಮಸಂದ್ರ ಪುರಸಭೆಯ ಘನತ್ಯಾಜ್ಯ ವಸ್ತು ನಿರ್ವಹಣೆಗಾಗಿ PVC Inclined Belt Conveyor (15ft) ಖರೀದಿಸುವ ಕುರಿತು.
Indent no: DMA/2024-25/IND3846	ರೂ. 3,55,000.00	ರೂ. 8,875.00
3	ಬೊಮ್ಮಸಂದ್ರ ಪುರಸಭೆಯ ಘನತ್ಯಾಜ್ಯ ವಸ್ತು ನಿರ್ವಹಣೆಗಾಗಿ Pallet truck – 2500 kg, Weighing Scale – 1000 kg, Semi Electric Stacker – 1000 kg ಖರೀದಿಸುವ ಕುರಿತು.
Indent no: DMA/2024-25/IND3849	ರೂ. 2,09,500.00	ರೂ. 5,238.00
4	ಬೊಮ್ಮಸಂದ್ರ ಪುರಸಭೆಯ ಮುಖ್ಯಾಧಿಕಾರಿಗಳು ಹಾಗೂ ಪುರಸಭೆ ಅಧ್ಯಕ್ಷರ ಕಛೇರಿ ಕೆಲಸಕ್ಕೆ ಒಂದು ಸಂಖ್ಯೆಯ ಎ.ಸಿ ಕಾರ್ ವಾಹನವನ್ನು ಬಾಡಿಗೆ ಮೂಲಕ ಸರಬರಾಜು ಮಾಡುವ ಬಗ್ಗೆ.
Indent no: DMA/2024-25/SE4045	ರೂ. 4,80,000.00	ರೂ. 12,000.00
5	ಬೊಮ್ಮಸಂದ್ರ ಪುರಸಭೆಯ ಎಲ್ಲಾ ಪೌರಕಾರ್ಮಿಕರಿಗೆ ಹಾಗೂ ಇತರೆ ಸ್ವಚ್ಛತಾ ಸಿಬ್ಬಂದಿಗಳಿಗೆ ಬೆಳಗಿನ ಉಪಾಹಾರದ ಜೊತೆಗೆ ಮೊಟ್ಟೆಯನ್ನು ನೀಡುವ ಬಗ್ಗೆ.
Indent no: DMA/2024-25/SE4046	ರೂ. 8,95,000.00	ರೂ. 22,375.00
ಟೆಂಡರ್ ಶೆಡ್ಯೂಲ್ ದಿನಾಂಕಗಳು ಈ ಕೆಳಕಂಡಂತಿವೆ.
1. ಕೆಪಿಪಿಪಿ ಪೋರ್ಟಲ್‌ನಲ್ಲಿ ಟೆಂಡರ್ ಸಲ್ಲಿಸುವ ಕೊನೆಯ ದಿನಾಂಕ: 29.11.2024ರ 16:00 ಘಂಟೆವರೆಗೆ.
2. ಕೆಪಿಪಿಪಿ ಪೋರ್ಟಲ್‌ನಲ್ಲಿ ಟೆಂಡರನ್ನು ತೆರೆಯುವ ದಿನಾಂಕ: 30.11.2024 ರ 16.30 ಘಂಟೆಗೆ.
ಸಹಿ/- ಮುಖ್ಯಾಧಿಕಾರಿ
ಪುರಸಭೆ ಬೊಮ್ಮಸಂದ್ರ
ಸಹಿ/- ಅಧ್ಯಕ್ಷರು/ಆಡಳಿತಾಧಿಕಾರಿಗಳು
ಪುರಸಭೆ, ಬೊಮ್ಮಸಂದ್ರ
ವಾಸಾಸಂಇ/ಜಾ.ಪ್ರ/3154/ಆರ್ಒಆರ್‌ಒ/2024-25
